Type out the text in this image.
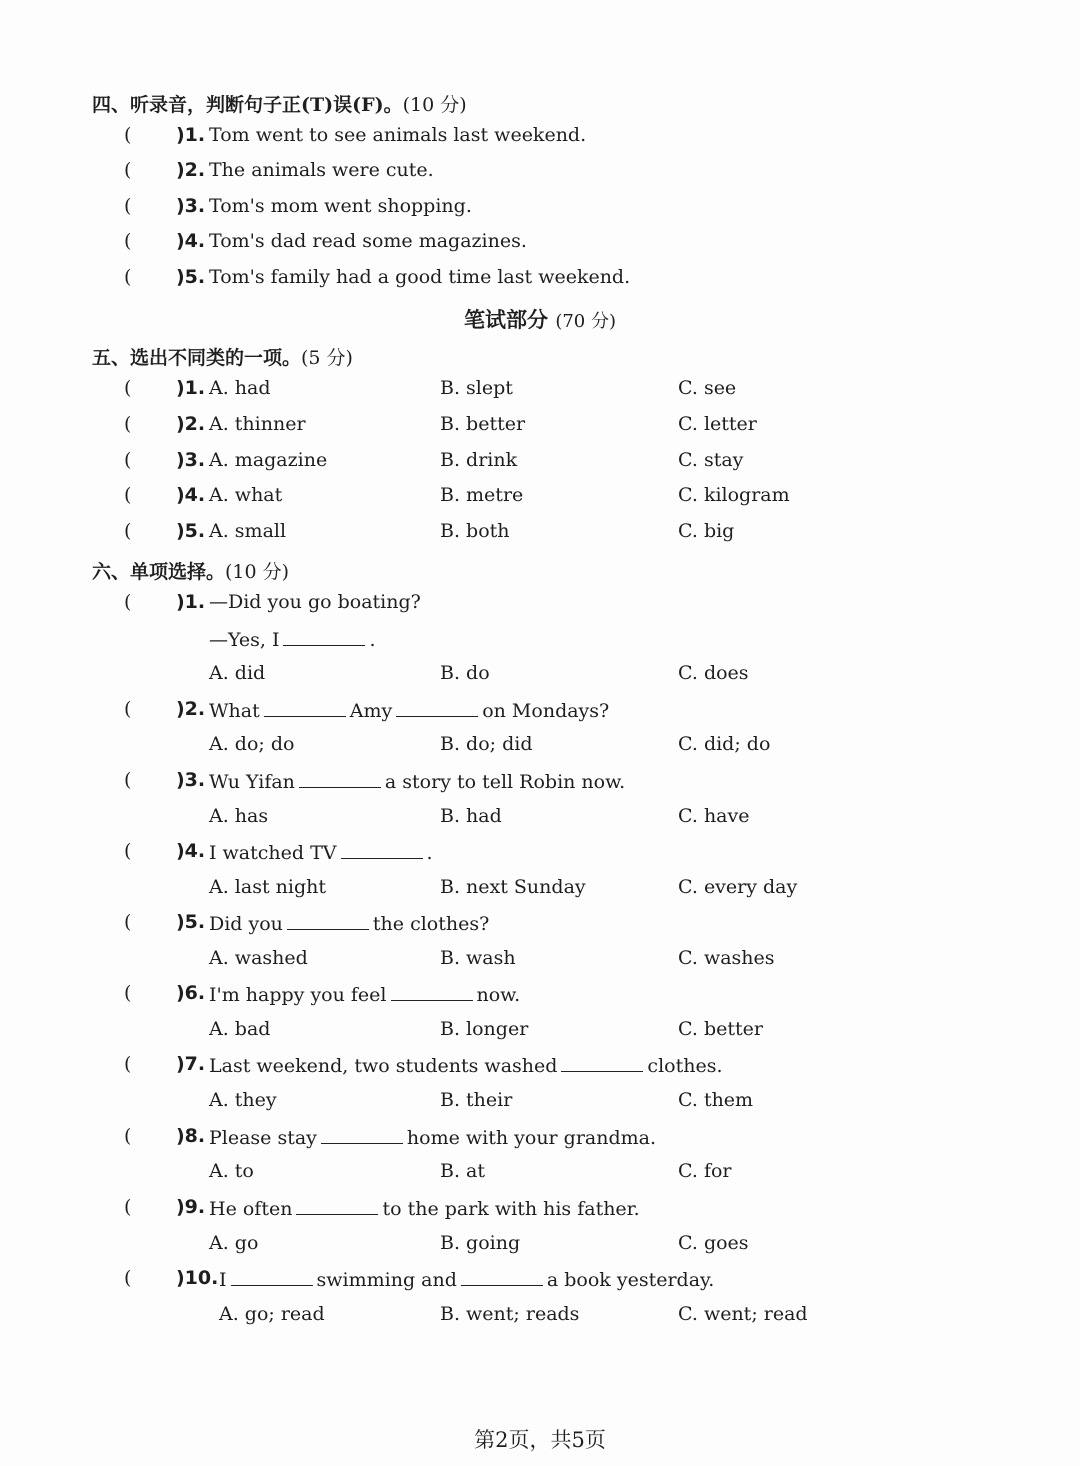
四、听录音，判断句子正(T)误(F)。(10 分)
( )1. Tom went to see animals last weekend.
( )2. The animals were cute.
( )3. Tom's mom went shopping.
( )4. Tom's dad read some magazines.
( )5. Tom's family had a good time last weekend.
笔试部分 (70 分)
五、选出不同类的一项。(5 分)
( )1. A. had	B. slept	C. see
( )2. A. thinner	B. better	C. letter
( )3. A. magazine	B. drink	C. stay
( )4. A. what	B. metre	C. kilogram
( )5. A. small	B. both	C. big
六、单项选择。(10 分)
( )1. —Did you go boating?
—Yes, I	.
A. did	B. do	C. does
( )2. What	Amy	on Mondays?
A. do; do	B. do; did	C. did; do
( )3. Wu Yifan	a story to tell Robin now.
A. has	B. had	C. have
( )4. I watched TV	.
A. last night	B. next Sunday	C. every day
( )5. Did you	the clothes?
A. washed	B. wash	C. washes
( )6. I'm happy you feel	now.
A. bad	B. longer	C. better
( )7. Last weekend, two students washed	clothes.
A. they	B. their	C. them
( )8. Please stay	home with your grandma.
A. to	B. at	C. for
( )9. He often	to the park with his father.
A. go	B. going	C. goes
( )10. I	swimming and	a book yesterday.
A. go; read	B. went; reads	C. went; read
第2页，共5页
